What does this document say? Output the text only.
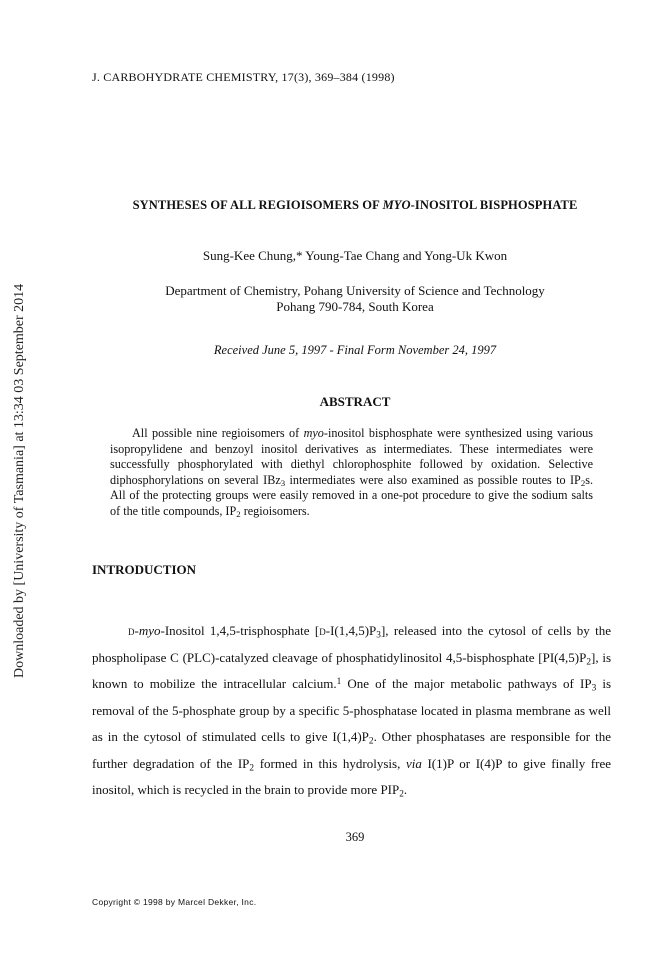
Downloaded by [University of Tasmania] at 13:34 03 September 2014
J. CARBOHYDRATE CHEMISTRY, 17(3), 369–384 (1998)
SYNTHESES OF ALL REGIOISOMERS OF MYO-INOSITOL BISPHOSPHATE
Sung-Kee Chung,* Young-Tae Chang and Yong-Uk Kwon
Department of Chemistry, Pohang University of Science and Technology
Pohang 790-784, South Korea
Received June 5, 1997 - Final Form November 24, 1997
ABSTRACT

All possible nine regioisomers of myo-inositol bisphosphate were synthesized using various isopropylidene and benzoyl inositol derivatives as intermediates. These intermediates were successfully phosphorylated with diethyl chlorophosphite followed by oxidation. Selective diphosphorylations on several IBz$_3$ intermediates were also examined as possible routes to $IP_2s$. All of the protecting groups were easily removed in a one-pot procedure to give the sodium salts of the title compounds, $IP_2$ regioisomers.

INTRODUCTION

d-myo-Inositol 1,4,5-trisphosphate $[d-I(1,4,5)P_3]$, released into the cytosol of cells by the phospholipase C (PLC)-catalyzed cleavage of phosphatidylinositol 4,5-bisphosphate $[PI(4,5)P_2]$, is known to mobilize the intracellular calcium.$^1$ One of the major metabolic pathways of $IP_3$ is removal of the 5-phosphate group by a specific 5-phosphatase located in plasma membrane as well as in the cytosol of stimulated cells to give $I(1,4)P_2$. Other phosphatases are responsible for the further degradation of the $IP_2$ formed in this hydrolysis, via I(1)P or I(4)P to give finally free inositol, which is recycled in the brain to provide more $PIP_2$.

369
Copyright © 1998 by Marcel Dekker, Inc.
